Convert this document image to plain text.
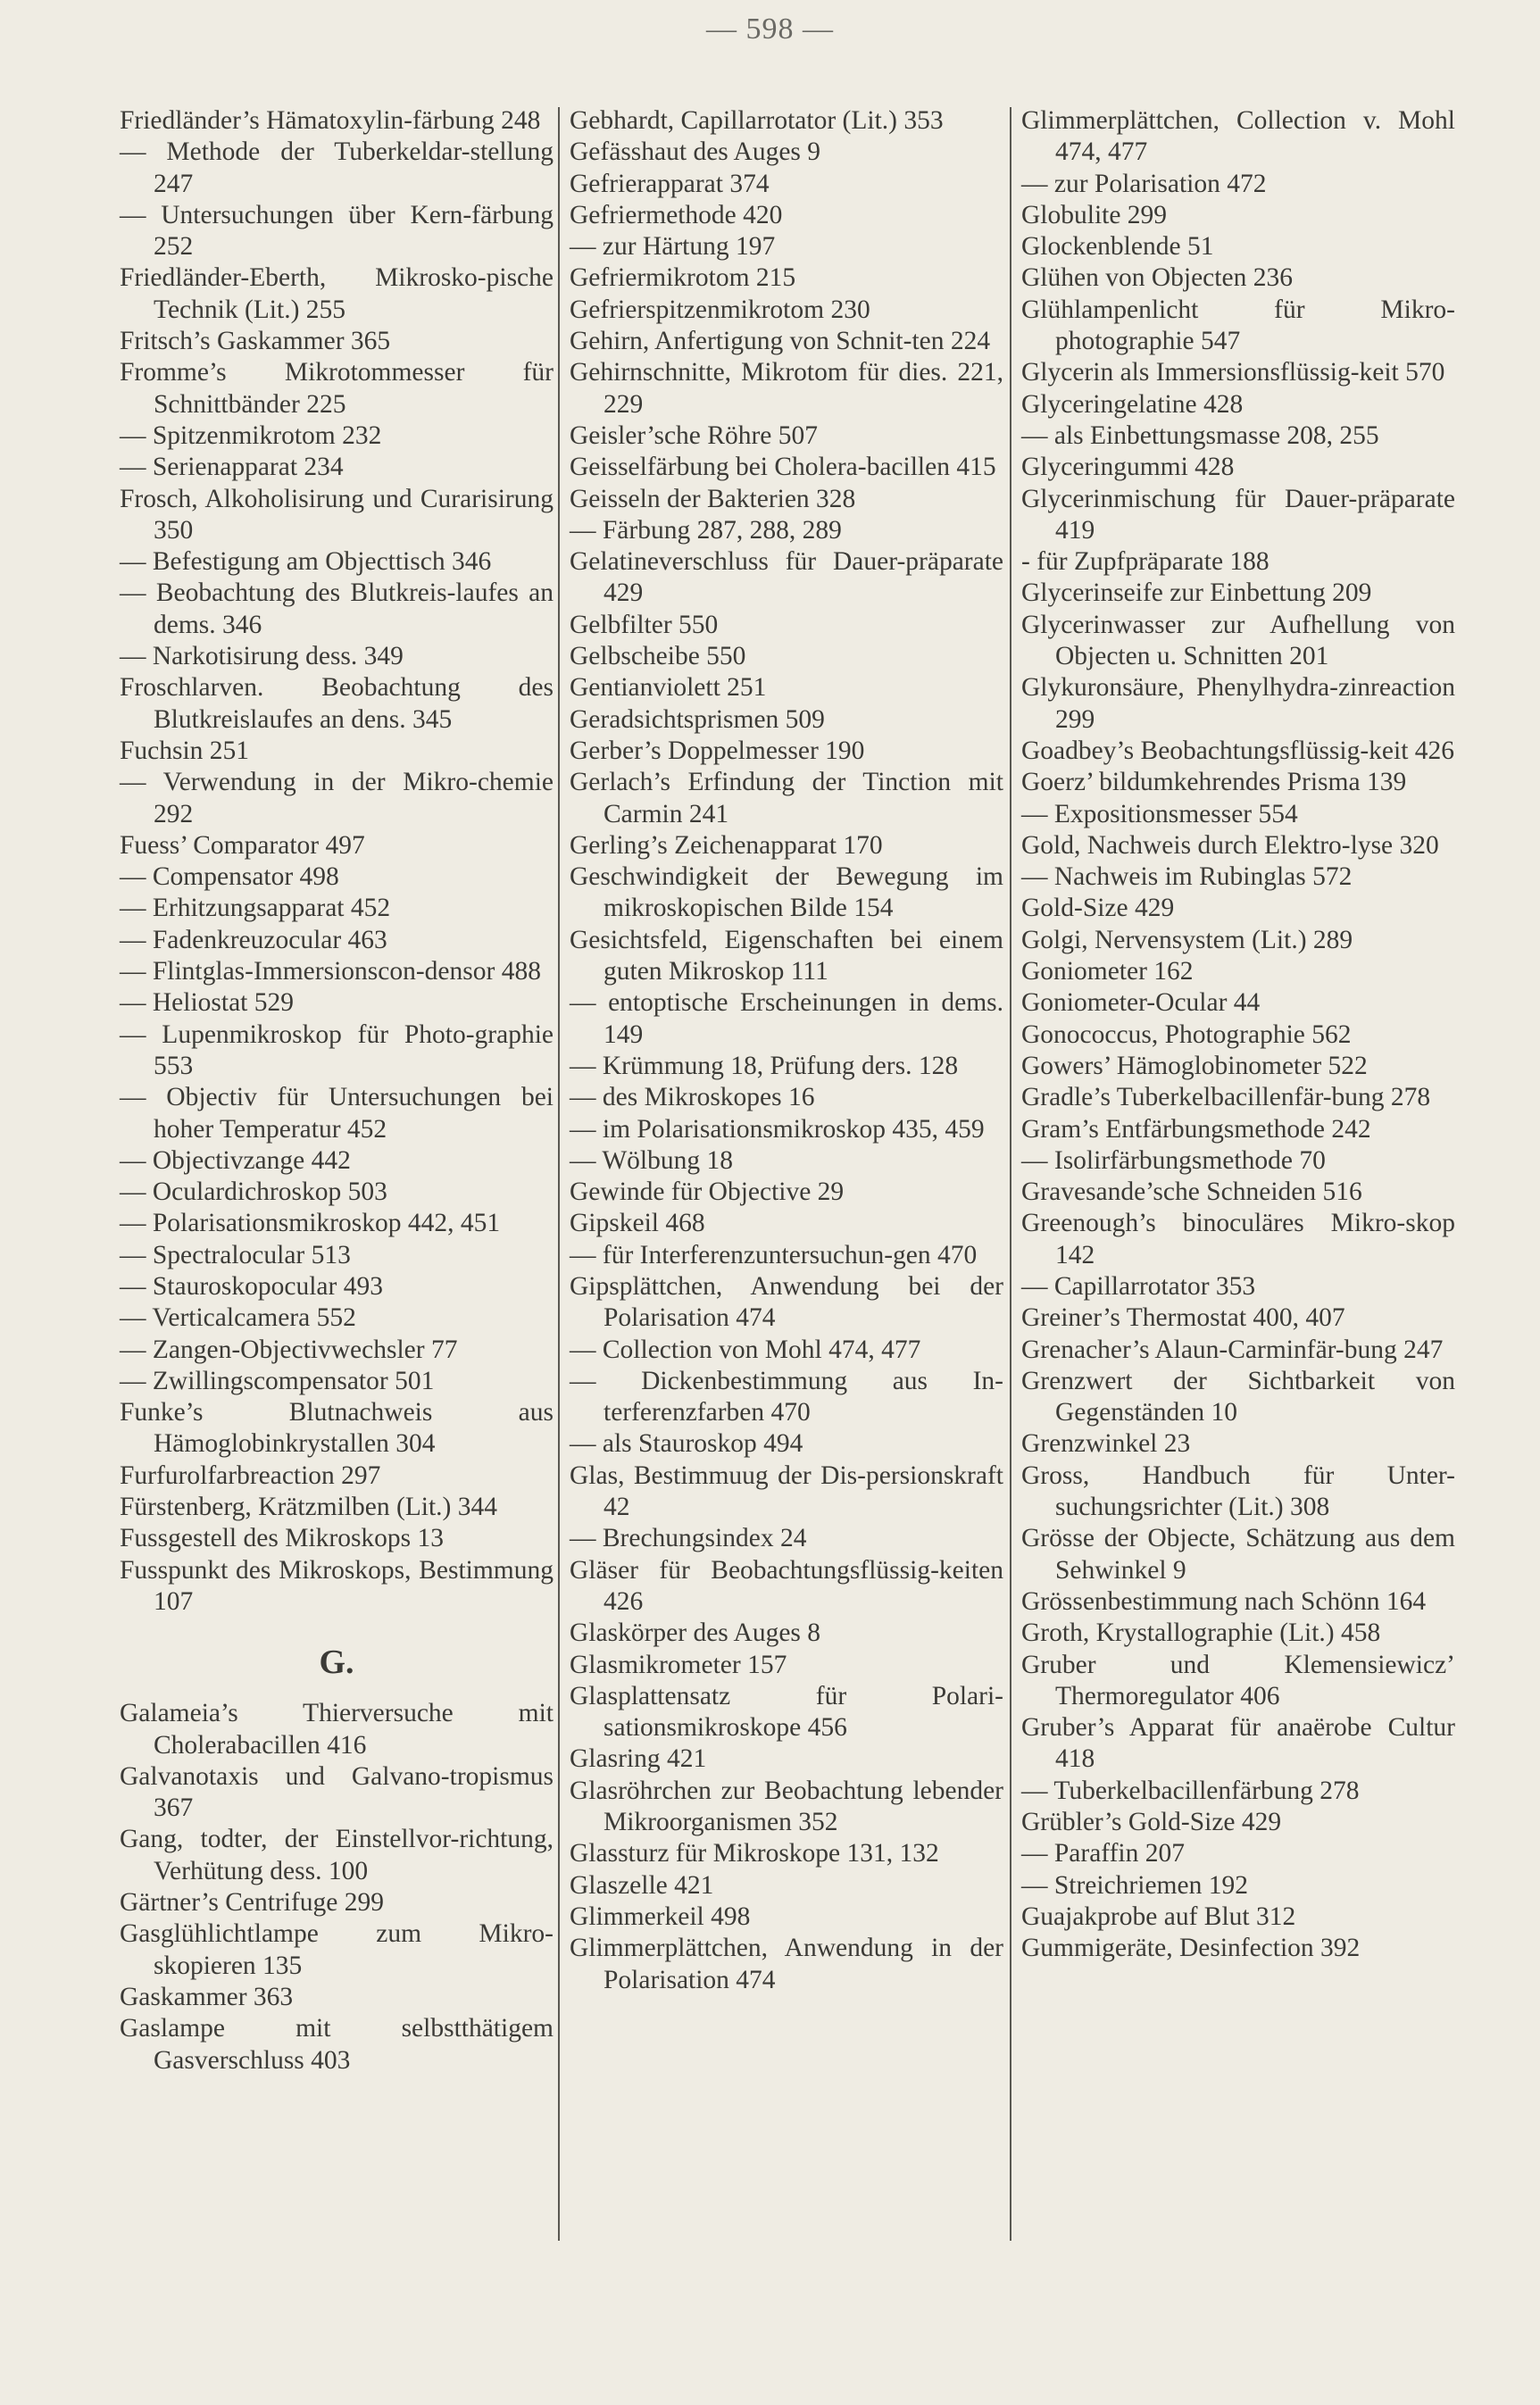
— 598 —

Friedländer’s Hämatoxylin-färbung 248

— Methode der Tuberkeldar-stellung 247

— Untersuchungen über Kern-färbung 252

Friedländer-Eberth, Mikrosko-pische Technik (Lit.) 255

Fritsch’s Gaskammer 365

Fromme’s Mikrotommesser für Schnittbänder 225

— Spitzenmikrotom 232

— Serienapparat 234

Frosch, Alkoholisirung und Curarisirung 350

— Befestigung am Objecttisch 346

— Beobachtung des Blutkreis-laufes an dems. 346

— Narkotisirung dess. 349

Froschlarven. Beobachtung des Blutkreislaufes an dens. 345

Fuchsin 251

— Verwendung in der Mikro-chemie 292

Fuess’ Comparator 497

— Compensator 498

— Erhitzungsapparat 452

— Fadenkreuzocular 463

— Flintglas-Immersionscon-densor 488

— Heliostat 529

— Lupenmikroskop für Photo-graphie 553

— Objectiv für Untersuchungen bei hoher Temperatur 452

— Objectivzange 442

— Oculardichroskop 503

— Polarisationsmikroskop 442, 451

— Spectralocular 513

— Stauroskopocular 493

— Verticalcamera 552

— Zangen-Objectivwechsler 77

— Zwillingscompensator 501

Funke’s Blutnachweis aus Hämoglobinkrystallen 304

Furfurolfarbreaction 297

Fürstenberg, Krätzmilben (Lit.) 344

Fussgestell des Mikroskops 13

Fusspunkt des Mikroskops, Bestimmung 107

G.

Galameia’s Thierversuche mit Cholerabacillen 416

Galvanotaxis und Galvano-tropismus 367

Gang, todter, der Einstellvor-richtung, Verhütung dess. 100

Gärtner’s Centrifuge 299

Gasglühlichtlampe zum Mikro-skopieren 135

Gaskammer 363

Gaslampe mit selbstthätigem Gasverschluss 403

Gebhardt, Capillarrotator (Lit.) 353

Gefässhaut des Auges 9

Gefrierapparat 374

Gefriermethode 420

— zur Härtung 197

Gefriermikrotom 215

Gefrierspitzenmikrotom 230

Gehirn, Anfertigung von Schnit-ten 224

Gehirnschnitte, Mikrotom für dies. 221, 229

Geisler’sche Röhre 507

Geisselfärbung bei Cholera-bacillen 415

Geisseln der Bakterien 328

— Färbung 287, 288, 289

Gelatineverschluss für Dauer-präparate 429

Gelbfilter 550

Gelbscheibe 550

Gentianviolett 251

Geradsichtsprismen 509

Gerber’s Doppelmesser 190

Gerlach’s Erfindung der Tinction mit Carmin 241

Gerling’s Zeichenapparat 170

Geschwindigkeit der Bewegung im mikroskopischen Bilde 154

Gesichtsfeld, Eigenschaften bei einem guten Mikroskop 111

— entoptische Erscheinungen in dems. 149

— Krümmung 18, Prüfung ders. 128

— des Mikroskopes 16

— im Polarisationsmikroskop 435, 459

— Wölbung 18

Gewinde für Objective 29

Gipskeil 468

— für Interferenzuntersuchun-gen 470

Gipsplättchen, Anwendung bei der Polarisation 474

— Collection von Mohl 474, 477

— Dickenbestimmung aus In-terferenzfarben 470

— als Stauroskop 494

Glas, Bestimmuug der Dis-persionskraft 42

— Brechungsindex 24

Gläser für Beobachtungsflüssig-keiten 426

Glaskörper des Auges 8

Glasmikrometer 157

Glasplattensatz für Polari-sationsmikroskope 456

Glasring 421

Glasröhrchen zur Beobachtung lebender Mikroorganismen 352

Glassturz für Mikroskope 131, 132

Glaszelle 421

Glimmerkeil 498

Glimmerplättchen, Anwendung in der Polarisation 474

Glimmerplättchen, Collection v. Mohl 474, 477

— zur Polarisation 472

Globulite 299

Glockenblende 51

Glühen von Objecten 236

Glühlampenlicht für Mikro-photographie 547

Glycerin als Immersionsflüssig-keit 570

Glyceringelatine 428

— als Einbettungsmasse 208, 255

Glyceringummi 428

Glycerinmischung für Dauer-präparate 419

- für Zupfpräparate 188

Glycerinseife zur Einbettung 209

Glycerinwasser zur Aufhellung von Objecten u. Schnitten 201

Glykuronsäure, Phenylhydra-zinreaction 299

Goadbey’s Beobachtungsflüssig-keit 426

Goerz’ bildumkehrendes Prisma 139

— Expositionsmesser 554

Gold, Nachweis durch Elektro-lyse 320

— Nachweis im Rubinglas 572

Gold-Size 429

Golgi, Nervensystem (Lit.) 289

Goniometer 162

Goniometer-Ocular 44

Gonococcus, Photographie 562

Gowers’ Hämoglobinometer 522

Gradle’s Tuberkelbacillenfär-bung 278

Gram’s Entfärbungsmethode 242

— Isolirfärbungsmethode 70

Gravesande’sche Schneiden 516

Greenough’s binoculäres Mikro-skop 142

— Capillarrotator 353

Greiner’s Thermostat 400, 407

Grenacher’s Alaun-Carminfär-bung 247

Grenzwert der Sichtbarkeit von Gegenständen 10

Grenzwinkel 23

Gross, Handbuch für Unter-suchungsrichter (Lit.) 308

Grösse der Objecte, Schätzung aus dem Sehwinkel 9

Grössenbestimmung nach Schönn 164

Groth, Krystallographie (Lit.) 458

Gruber und Klemensiewicz’ Thermoregulator 406

Gruber’s Apparat für anaërobe Cultur 418

— Tuberkelbacillenfärbung 278

Grübler’s Gold-Size 429

— Paraffin 207

— Streichriemen 192

Guajakprobe auf Blut 312

Gummigeräte, Desinfection 392
